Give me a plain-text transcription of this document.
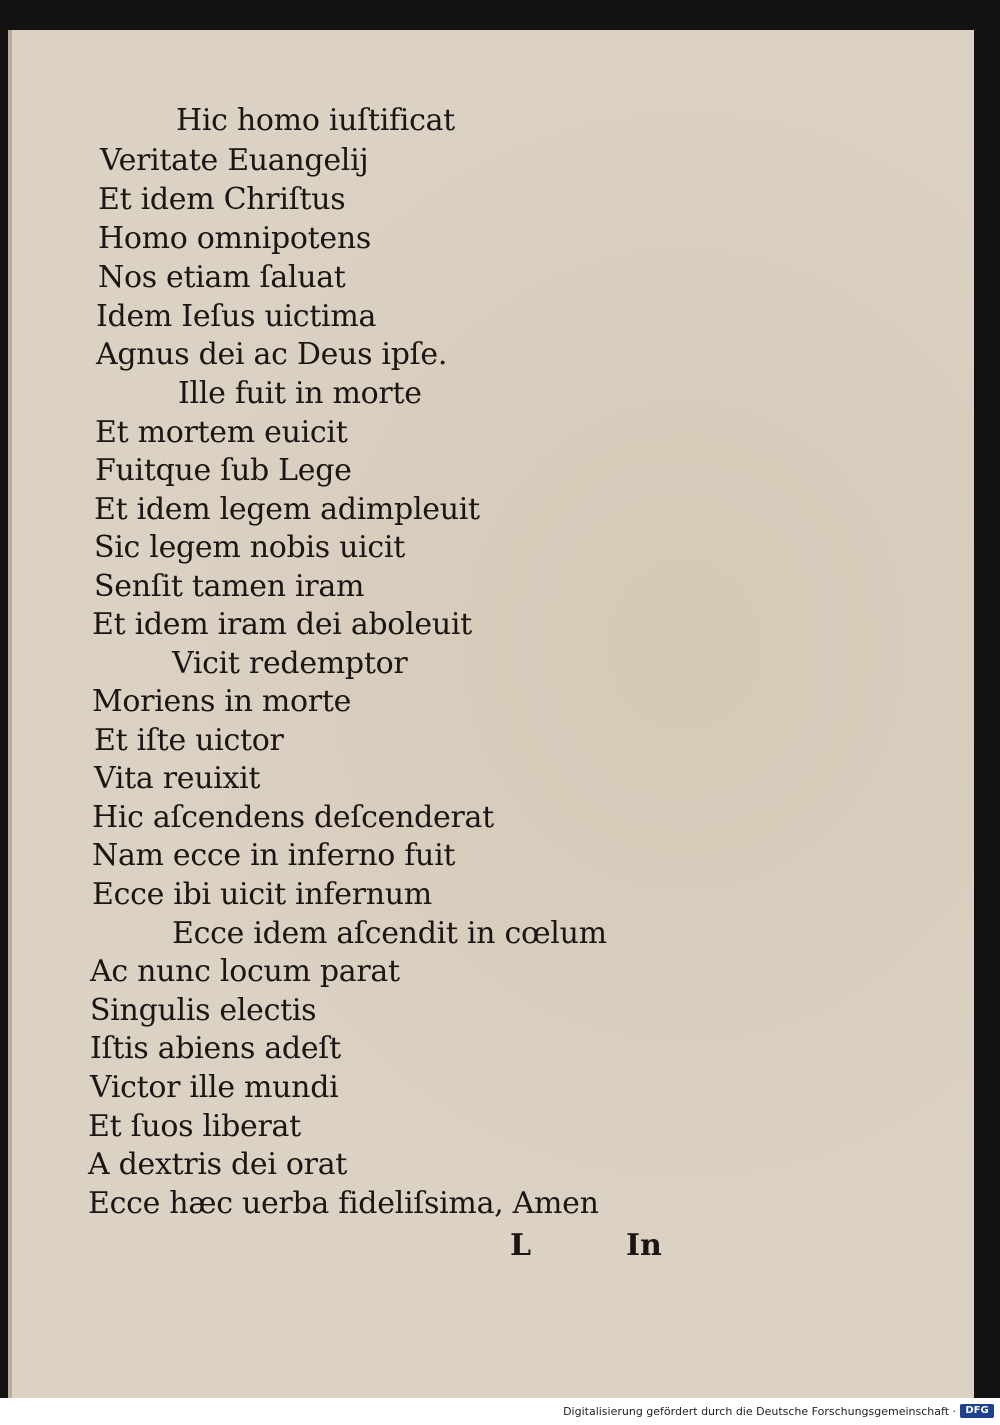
Hic homo iuſtificat
Veritate Euangelij
Et idem Chriſtus
Homo omnipotens
Nos etiam ſaluat
Idem Ieſus uictima
Agnus dei ac Deus ipſe.
Ille fuit in morte
Et mortem euicit
Fuitque ſub Lege
Et idem legem adimpleuit
Sic legem nobis uicit
Senſit tamen iram
Et idem iram dei aboleuit
Vicit redemptor
Moriens in morte
Et iſte uictor
Vita reuixit
Hic aſcendens deſcenderat
Nam ecce in inferno fuit
Ecce ibi uicit infernum
Ecce idem aſcendit in cœlum
Ac nunc locum parat
Singulis electis
Iſtis abiens adeſt
Victor ille mundi
Et ſuos liberat
A dextris dei orat
Ecce hæc uerba fideliſsima, Amen
L	In
Digitalisierung gefördert durch die Deutsche Forschungsgemeinschaft · DFG
